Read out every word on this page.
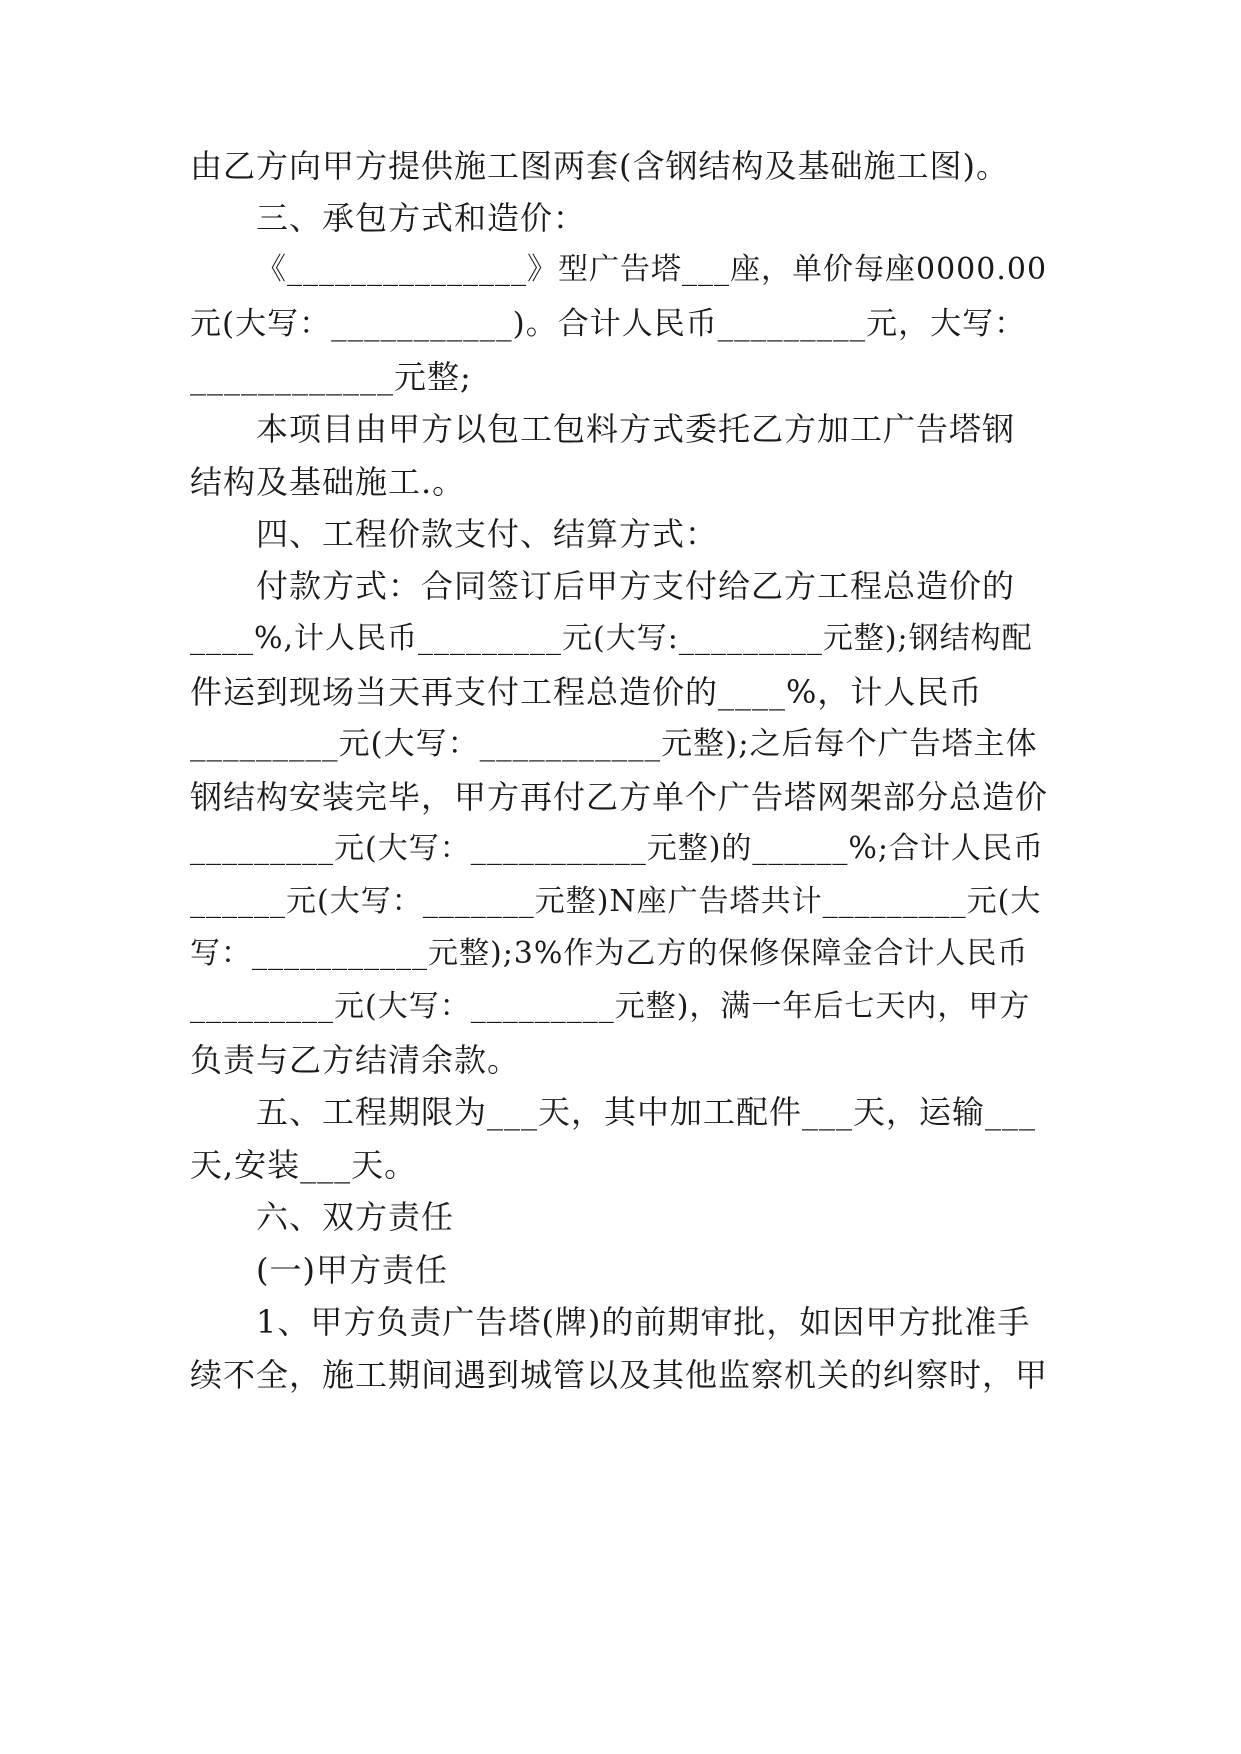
由乙方向甲方提供施工图两套(含钢结构及基础施工图)。
三、承包方式和造价：
《_______________》型广告塔___座，单价每座0000.00
元(大写：___________)。合计人民币_________元，大写：
____________元整;
本项目由甲方以包工包料方式委托乙方加工广告塔钢
结构及基础施工.。
四、工程价款支付、结算方式：
付款方式：合同签订后甲方支付给乙方工程总造价的
____%,计人民币_________元(大写:_________元整);钢结构配
件运到现场当天再支付工程总造价的____%，计人民币
_________元(大写：___________元整);之后每个广告塔主体
钢结构安装完毕，甲方再付乙方单个广告塔网架部分总造价
_________元(大写：___________元整)的______%;合计人民币
______元(大写：_______元整)N座广告塔共计_________元(大
写：___________元整);3%作为乙方的保修保障金合计人民币
_________元(大写：_________元整)，满一年后七天内，甲方
负责与乙方结清余款。
五、工程期限为___天，其中加工配件___天，运输___
天,安装___天。
六、双方责任
(一)甲方责任
1、甲方负责广告塔(牌)的前期审批，如因甲方批准手
续不全，施工期间遇到城管以及其他监察机关的纠察时，甲
